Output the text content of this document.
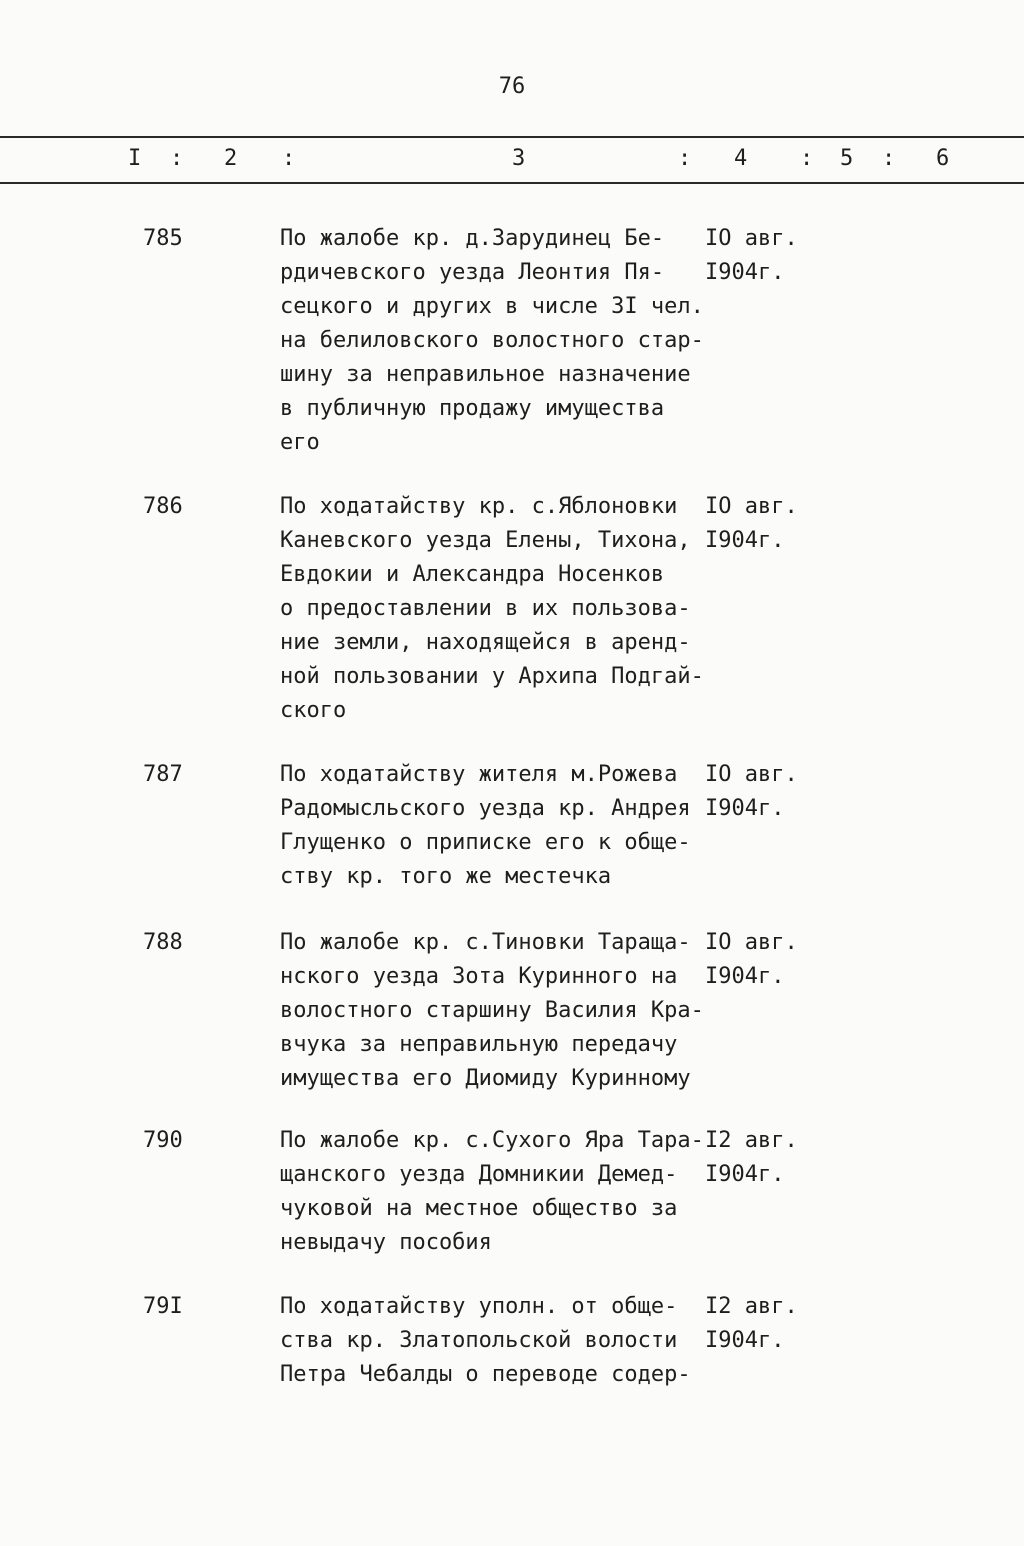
76
I : 2 :	3	: 4 : 5 : 6
785	По жалобе кр. д.Зарудинец Бе-
рдичевского уезда Леонтия Пя-
сецкого и других в числе 3I чел.
на белиловского волостного стар-
шину за неправильное назначение
в публичную продажу имущества
его
IO авг.
I904г.
786	По ходатайству кр. с.Яблоновки
Каневского уезда Елены, Тихона,
Евдокии и Александра Носенков
о предоставлении в их пользова-
ние земли, находящейся в аренд-
ной пользовании у Архипа Подгай-
ского
IO авг.
I904г.
787	По ходатайству жителя м.Рожева
Радомысльского уезда кр. Андрея
Глущенко о приписке его к обще-
ству кр. того же местечка
IO авг.
I904г.
788	По жалобе кр. с.Тиновки Таращa-
нского уезда Зота Куринного на
волостного старшину Василия Кра-
вчука за неправильную передачу
имущества его Диомиду Куринному
IO авг.
I904г.
790	По жалобе кр. с.Сухого Яра Тара-
щанского уезда Домникии Демед-
чуковой на местное общество за
невыдачу пособия
I2 авг.
I904г.
79I	По ходатайству уполн. от обще-
ства кр. Златопольской волости
Петра Чебалды о переводе содер-
I2 авг.
I904г.
